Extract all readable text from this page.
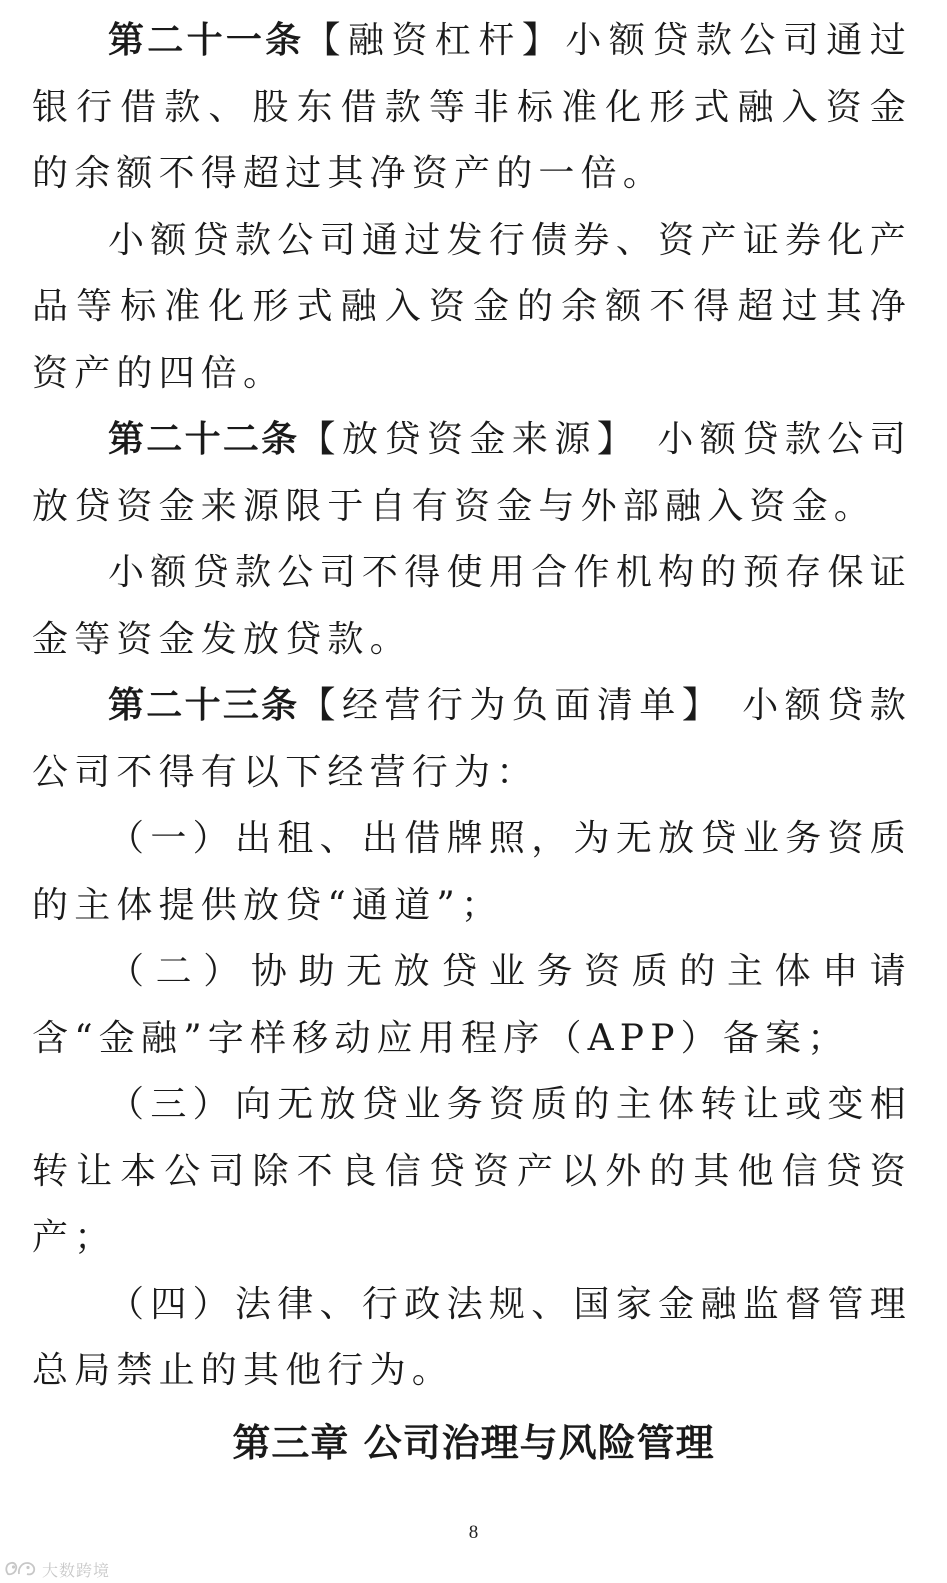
第二十一条【融资杠杆】小额贷款公司通过银行借款、股东借款等非标准化形式融入资金的余额不得超过其净资产的一倍。

小额贷款公司通过发行债券、资产证券化产品等标准化形式融入资金的余额不得超过其净资产的四倍。

第二十二条【放贷资金来源】 小额贷款公司放贷资金来源限于自有资金与外部融入资金。

小额贷款公司不得使用合作机构的预存保证金等资金发放贷款。

第二十三条【经营行为负面清单】 小额贷款公司不得有以下经营行为：

（一）出租、出借牌照，为无放贷业务资质的主体提供放贷“通道”；

（二）协助无放贷业务资质的主体申请含“金融”字样移动应用程序（APP）备案；

（三）向无放贷业务资质的主体转让或变相转让本公司除不良信贷资产以外的其他信贷资产；

（四）法律、行政法规、国家金融监督管理总局禁止的其他行为。

第三章 公司治理与风险管理
8
大数跨境
